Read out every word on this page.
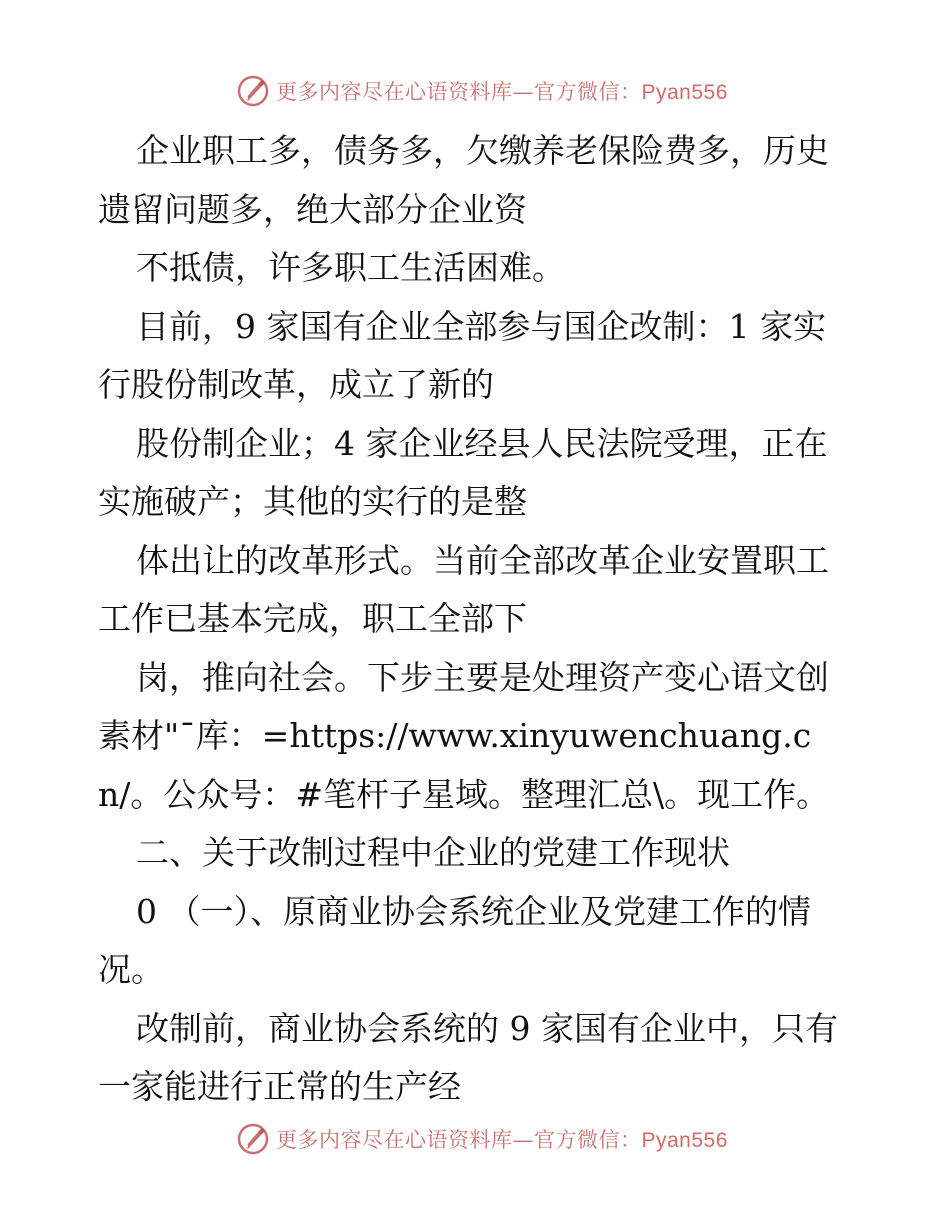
更多内容尽在心语资料库—官方微信：Pyan556

企业职工多，债务多，欠缴养老保险费多，历史遗留问题多，绝大部分企业资

不抵债，许多职工生活困难。

目前，9 家国有企业全部参与国企改制：1 家实行股份制改革，成立了新的

股份制企业；4 家企业经县人民法院受理，正在实施破产；其他的实行的是整

体出让的改革形式。当前全部改革企业安置职工工作已基本完成，职工全部下

岗，推向社会。下步主要是处理资产变心语文创素材"¯库：=https://www.xinyuwenchuang.cn/。公众号：#笔杆子星域。整理汇总\。现工作。

二、关于改制过程中企业的党建工作现状

0 （一）、原商业协会系统企业及党建工作的情况。

改制前，商业协会系统的 9 家国有企业中，只有一家能进行正常的生产经

更多内容尽在心语资料库—官方微信：Pyan556
